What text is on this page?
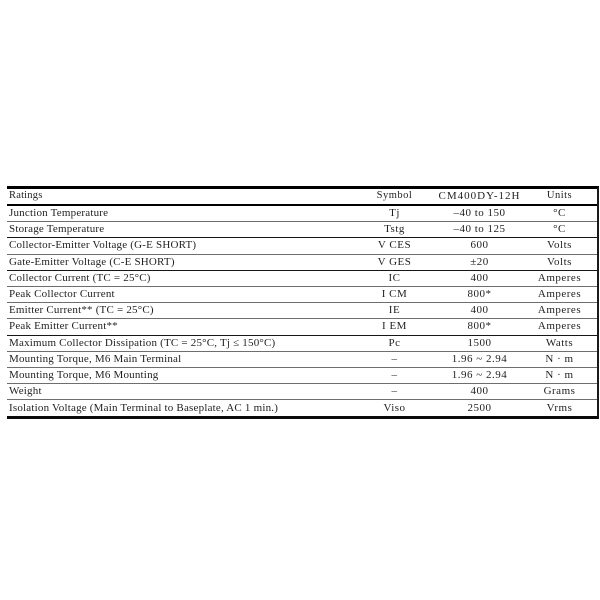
Ratings	Symbol	CM400DY-12H	Units
Junction Temperature	Tj	–40 to 150	°C
Storage Temperature	Tstg	–40 to 125	°C
Collector-Emitter Voltage (G-E SHORT)	V CES	600	Volts
Gate-Emitter Voltage (C-E SHORT)	V GES	±20	Volts
Collector Current (TC = 25°C)	IC	400	Amperes
Peak Collector Current	I CM	800*	Amperes
Emitter Current** (TC = 25°C)	IE	400	Amperes
Peak Emitter Current**	I EM	800*	Amperes
Maximum Collector Dissipation (TC = 25°C, Tj ≤ 150°C)	Pc	1500	Watts
Mounting Torque, M6 Main Terminal	–	1.96 ~ 2.94	N · m
Mounting Torque, M6 Mounting	–	1.96 ~ 2.94	N · m
Weight	–	400	Grams
Isolation Voltage (Main Terminal to Baseplate, AC 1 min.)	Viso	2500	Vrms
